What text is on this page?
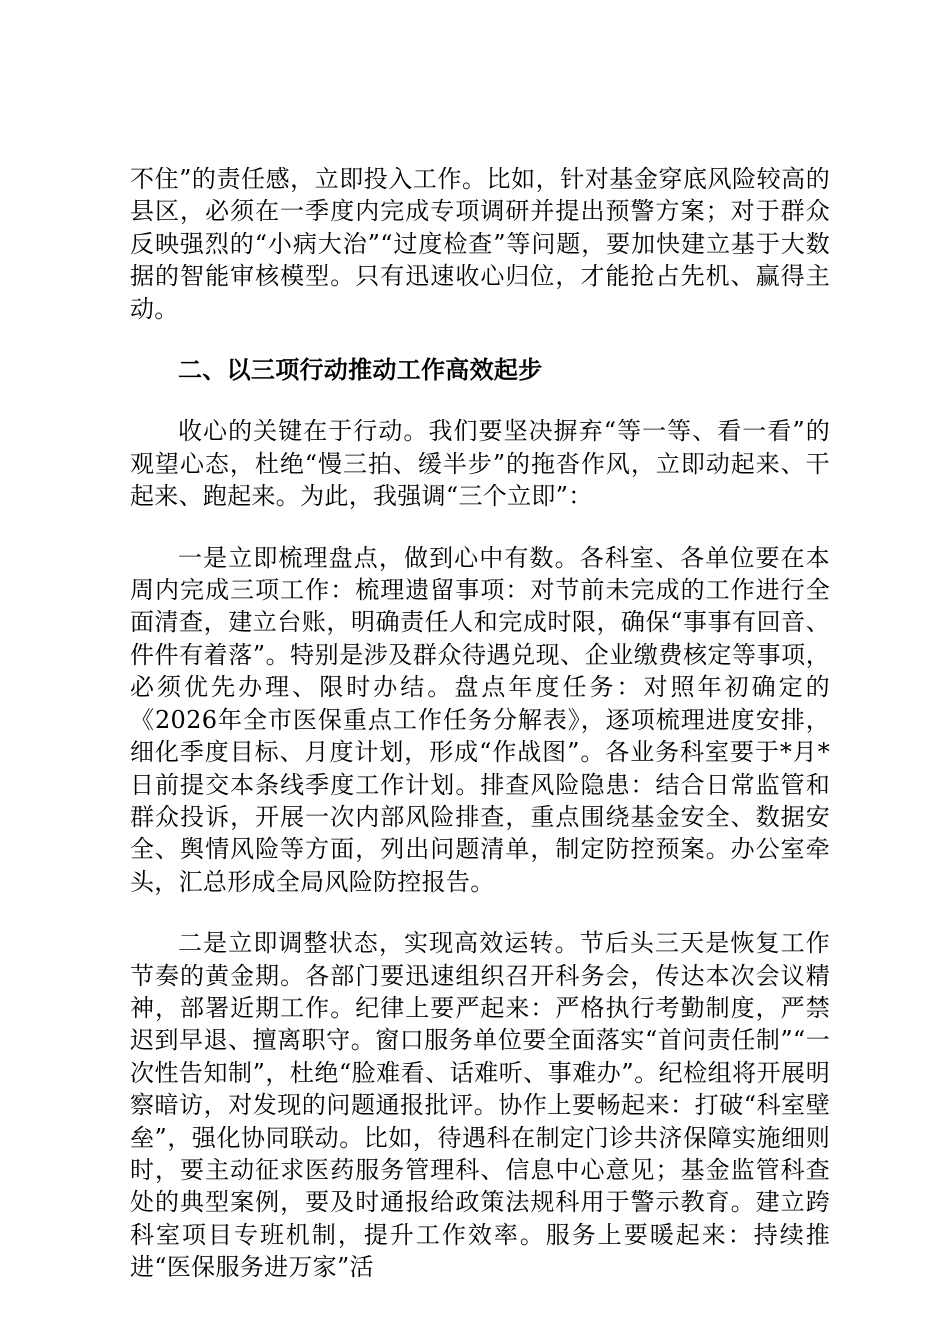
不住”的责任感，立即投入工作。比如，针对基金穿底风险较高的县区，必须在一季度内完成专项调研并提出预警方案；对于群众反映强烈的“小病大治”“过度检查”等问题，要加快建立基于大数据的智能审核模型。只有迅速收心归位，才能抢占先机、赢得主动。

二、以三项行动推动工作高效起步

收心的关键在于行动。我们要坚决摒弃“等一等、看一看”的观望心态，杜绝“慢三拍、缓半步”的拖沓作风，立即动起来、干起来、跑起来。为此，我强调“三个立即”：

一是立即梳理盘点，做到心中有数。各科室、各单位要在本周内完成三项工作：梳理遗留事项：对节前未完成的工作进行全面清查，建立台账，明确责任人和完成时限，确保“事事有回音、件件有着落”。特别是涉及群众待遇兑现、企业缴费核定等事项，必须优先办理、限时办结。盘点年度任务：对照年初确定的《2026年全市医保重点工作任务分解表》，逐项梳理进度安排，细化季度目标、月度计划，形成“作战图”。各业务科室要于*月*日前提交本条线季度工作计划。排查风险隐患：结合日常监管和群众投诉，开展一次内部风险排查，重点围绕基金安全、数据安全、舆情风险等方面，列出问题清单，制定防控预案。办公室牵头，汇总形成全局风险防控报告。

二是立即调整状态，实现高效运转。节后头三天是恢复工作节奏的黄金期。各部门要迅速组织召开科务会，传达本次会议精神，部署近期工作。纪律上要严起来：严格执行考勤制度，严禁迟到早退、擅离职守。窗口服务单位要全面落实“首问责任制”“一次性告知制”，杜绝“脸难看、话难听、事难办”。纪检组将开展明察暗访，对发现的问题通报批评。协作上要畅起来：打破“科室壁垒”，强化协同联动。比如，待遇科在制定门诊共济保障实施细则时，要主动征求医药服务管理科、信息中心意见；基金监管科查处的典型案例，要及时通报给政策法规科用于警示教育。建立跨科室项目专班机制，提升工作效率。服务上要暖起来：持续推进“医保服务进万家”活
